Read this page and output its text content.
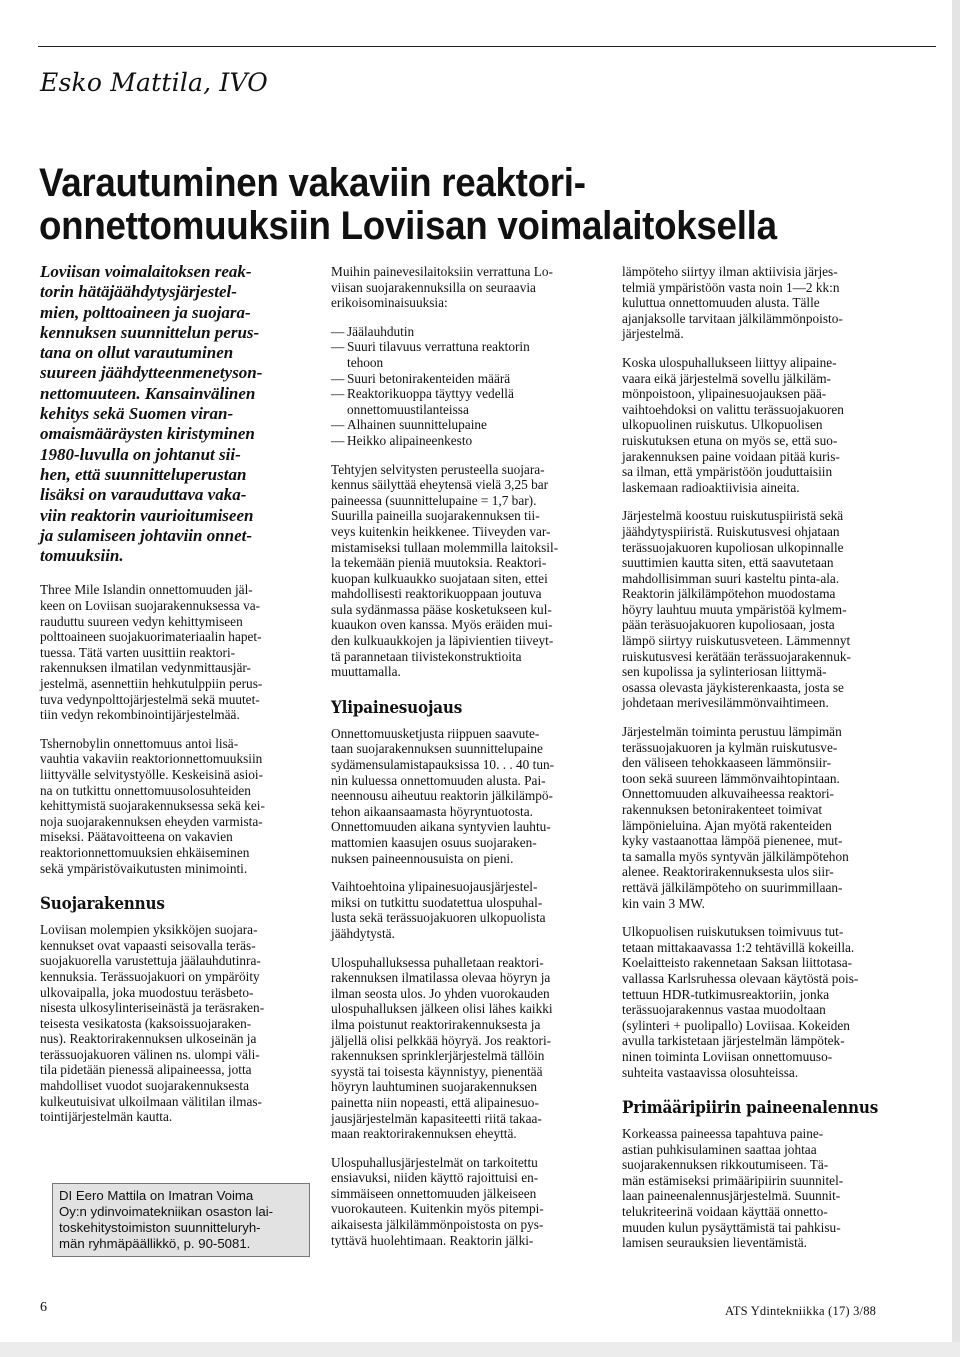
Esko Mattila, IVO
Varautuminen vakaviin reaktori-
onnettomuuksiin Loviisan voimalaitoksella
Loviisan voimalaitoksen reak-
torin hätäjäähdytysjärjestel-
mien, polttoaineen ja suojara-
kennuksen suunnittelun perus-
tana on ollut varautuminen
suureen jäähdytteenmenetyson-
nettomuuteen. Kansainvälinen
kehitys sekä Suomen viran-
omaismääräysten kiristyminen
1980-luvulla on johtanut sii-
hen, että suunnitteluperustan
lisäksi on varauduttava vaka-
viin reaktorin vaurioitumiseen
ja sulamiseen johtaviin onnet-
tomuuksiin.
Three Mile Islandin onnettomuuden jäl-
keen on Loviisan suojarakennuksessa va-
rauduttu suureen vedyn kehittymiseen
polttoaineen suojakuorimateriaalin hapet-
tuessa. Tätä varten uusittiin reaktori-
rakennuksen ilmatilan vedynmittausjär-
jestelmä, asennettiin hehkutulppiin perus-
tuva vedynpolttojärjestelmä sekä muutet-
tiin vedyn rekombinointijärjestelmää.
Tshernobylin onnettomuus antoi lisä-
vauhtia vakaviin reaktorionnettomuuksiin
liittyvälle selvitystyölle. Keskeisinä asioi-
na on tutkittu onnettomuusolosuhteiden
kehittymistä suojarakennuksessa sekä kei-
noja suojarakennuksen eheyden varmista-
miseksi. Päätavoitteena on vakavien
reaktorionnettomuuksien ehkäiseminen
sekä ympäristövaikutusten minimointi.
Suojarakennus
Loviisan molempien yksikköjen suojara-
kennukset ovat vapaasti seisovalla teräs-
suojakuorella varustettuja jäälauhdutinra-
kennuksia. Terässuojakuori on ympäröity
ulkovaipalla, joka muodostuu teräsbeto-
nisesta ulkosylinteriseinästä ja teräsraken-
teisesta vesikatosta (kaksoissuojaraken-
nus). Reaktorirakennuksen ulkoseinän ja
terässuojakuoren välinen ns. ulompi väli-
tila pidetään pienessä alipaineessa, jotta
mahdolliset vuodot suojarakennuksesta
kulkeutuisivat ulkoilmaan välitilan ilmas-
tointijärjestelmän kautta.
DI Eero Mattila on Imatran Voima
Oy:n ydinvoimatekniikan osaston lai-
toskehitystoimiston suunnitteluryh-
män ryhmäpäällikkö, p. 90-5081.
Muihin painevesilaitoksiin verrattuna Lo-
viisan suojarakennuksilla on seuraavia
erikoisominaisuuksia:
— Jäälauhdutin
— Suuri tilavuus verrattuna reaktorin
tehoon
— Suuri betonirakenteiden määrä
— Reaktorikuoppa täyttyy vedellä
onnettomuustilanteissa
— Alhainen suunnittelupaine
— Heikko alipaineenkesto
Tehtyjen selvitysten perusteella suojara-
kennus säilyttää eheytensä vielä 3,25 bar
paineessa (suunnittelupaine = 1,7 bar).
Suurilla paineilla suojarakennuksen tii-
veys kuitenkin heikkenee. Tiiveyden var-
mistamiseksi tullaan molemmilla laitoksil-
la tekemään pieniä muutoksia. Reaktori-
kuopan kulkuaukko suojataan siten, ettei
mahdollisesti reaktorikuoppaan joutuva
sula sydänmassa pääse kosketukseen kul-
kuaukon oven kanssa. Myös eräiden mui-
den kulkuaukkojen ja läpivientien tiiveyt-
tä parannetaan tiivistekonstruktioita
muuttamalla.
Ylipainesuojaus
Onnettomuusketjusta riippuen saavute-
taan suojarakennuksen suunnittelupaine
sydämensulamistapauksissa 10. . . 40 tun-
nin kuluessa onnettomuuden alusta. Pai-
neennousu aiheutuu reaktorin jälkilämpö-
tehon aikaansaamasta höyryntuotosta.
Onnettomuuden aikana syntyvien lauhtu-
mattomien kaasujen osuus suojaraken-
nuksen paineennousuista on pieni.
Vaihtoehtoina ylipainesuojausjärjestel-
miksi on tutkittu suodatettua ulospuhal-
lusta sekä terässuojakuoren ulkopuolista
jäähdytystä.
Ulospuhalluksessa puhalletaan reaktori-
rakennuksen ilmatilassa olevaa höyryn ja
ilman seosta ulos. Jo yhden vuorokauden
ulospuhalluksen jälkeen olisi lähes kaikki
ilma poistunut reaktorirakennuksesta ja
jäljellä olisi pelkkää höyryä. Jos reaktori-
rakennuksen sprinklerjärjestelmä tällöin
syystä tai toisesta käynnistyy, pienentää
höyryn lauhtuminen suojarakennuksen
painetta niin nopeasti, että alipainesuo-
jausjärjestelmän kapasiteetti riitä takaa-
maan reaktorirakennuksen eheyttä.
Ulospuhallusjärjestelmät on tarkoitettu
ensiavuksi, niiden käyttö rajoittuisi en-
simmäiseen onnettomuuden jälkeiseen
vuorokauteen. Kuitenkin myös pitempi-
aikaisesta jälkilämmönpoistosta on pys-
tyttävä huolehtimaan. Reaktorin jälki-
lämpöteho siirtyy ilman aktiivisia järjes-
telmiä ympäristöön vasta noin 1—2 kk:n
kuluttua onnettomuuden alusta. Tälle
ajanjaksolle tarvitaan jälkilämmönpoisto-
järjestelmä.
Koska ulospuhallukseen liittyy alipaine-
vaara eikä järjestelmä sovellu jälkiläm-
mönpoistoon, ylipainesuojauksen pää-
vaihtoehdoksi on valittu terässuojakuoren
ulkopuolinen ruiskutus. Ulkopuolisen
ruiskutuksen etuna on myös se, että suo-
jarakennuksen paine voidaan pitää kuris-
sa ilman, että ympäristöön jouduttaisiin
laskemaan radioaktiivisia aineita.
Järjestelmä koostuu ruiskutuspiiristä sekä
jäähdytyspiiristä. Ruiskutusvesi ohjataan
terässuojakuoren kupoliosan ulkopinnalle
suuttimien kautta siten, että saavutetaan
mahdollisimman suuri kasteltu pinta-ala.
Reaktorin jälkilämpötehon muodostama
höyry lauhtuu muuta ympäristöä kylmem-
pään teräsuojakuoren kupoliosaan, josta
lämpö siirtyy ruiskutusveteen. Lämmennyt
ruiskutusvesi kerätään terässuojarakennuk-
sen kupolissa ja sylinteriosan liittymä-
osassa olevasta jäykisterenkaasta, josta se
johdetaan merivesilämmönvaihtimeen.
Järjestelmän toiminta perustuu lämpimän
terässuojakuoren ja kylmän ruiskutusve-
den väliseen tehokkaaseen lämmönsiir-
toon sekä suureen lämmönvaihtopintaan.
Onnettomuuden alkuvaiheessa reaktori-
rakennuksen betonirakenteet toimivat
lämpönieluina. Ajan myötä rakenteiden
kyky vastaanottaa lämpöä pienenee, mut-
ta samalla myös syntyvän jälkilämpötehon
alenee. Reaktorirakennuksesta ulos siir-
rettävä jälkilämpöteho on suurimmillaan-
kin vain 3 MW.
Ulkopuolisen ruiskutuksen toimivuus tut-
tetaan mittakaavassa 1:2 tehtävillä kokeilla.
Koelaitteisto rakennetaan Saksan liittotasa-
vallassa Karlsruhessa olevaan käytöstä pois-
tettuun HDR-tutkimusreaktoriin, jonka
terässuojarakennus vastaa muodoltaan
(sylinteri + puolipallo) Loviisaa. Kokeiden
avulla tarkistetaan järjestelmän lämpötek-
ninen toiminta Loviisan onnettomuuso-
suhteita vastaavissa olosuhteissa.
Primääripiirin paineenalennus
Korkeassa paineessa tapahtuva paine-
astian puhkisulaminen saattaa johtaa
suojarakennuksen rikkoutumiseen. Tä-
män estämiseksi primääripiirin suunnitel-
laan paineenalennusjärjestelmä. Suunnit-
telukriteerinä voidaan käyttää onnetto-
muuden kulun pysäyttämistä tai pahkisu-
lamisen seurauksien lieventämistä.
6	ATS Ydintekniikka (17) 3/88
